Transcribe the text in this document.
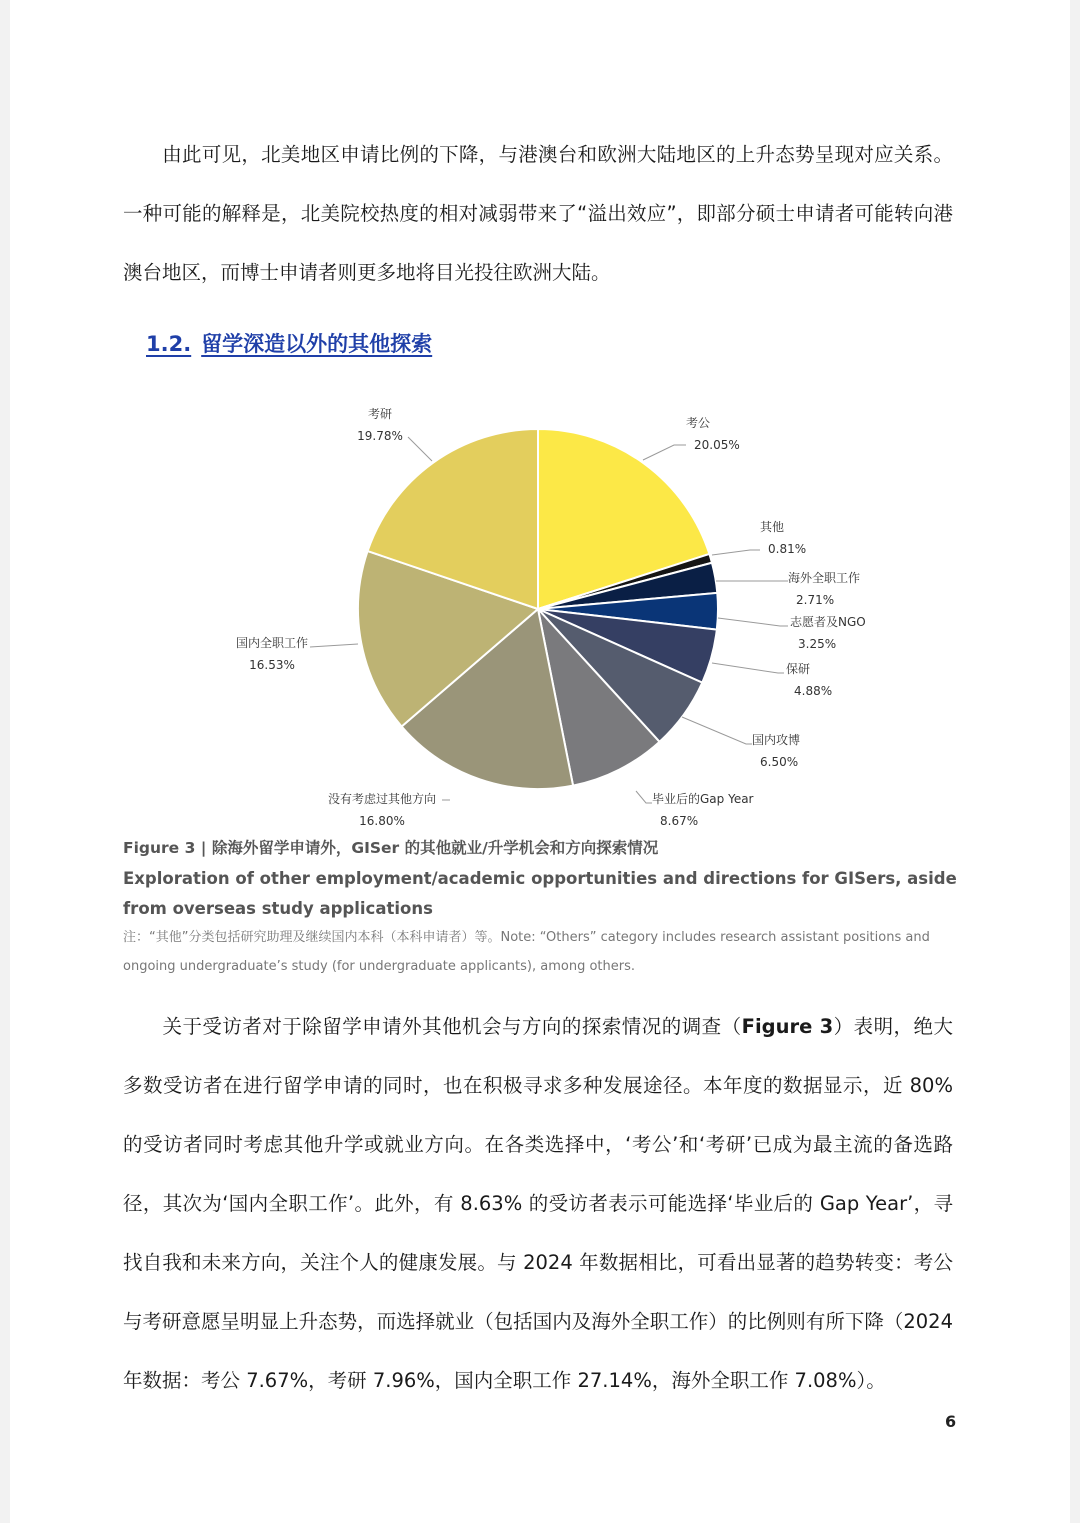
由此可见，北美地区申请比例的下降，与港澳台和欧洲大陆地区的上升态势呈现对应关系。一种可能的解释是，北美院校热度的相对减弱带来了“溢出效应”，即部分硕士申请者可能转向港澳台地区，而博士申请者则更多地将目光投往欧洲大陆。

1.2. 留学深造以外的其他探索
考公
20.05%
其他
0.81%
海外全职工作
2.71%
志愿者及NGO
3.25%
保研
4.88%
国内攻博
6.50%
毕业后的Gap Year
8.67%
没有考虑过其他方向
16.80%
国内全职工作
16.53%
考研
19.78%

Figure 3 | 除海外留学申请外，GISer 的其他就业/升学机会和方向探索情况

Exploration of other employment/academic opportunities and directions for GISers, aside from overseas study applications

注：“其他”分类包括研究助理及继续国内本科（本科申请者）等。Note: “Others” category includes research assistant positions and ongoing undergraduate’s study (for undergraduate applicants), among others.

关于受访者对于除留学申请外其他机会与方向的探索情况的调查（Figure 3）表明，绝大多数受访者在进行留学申请的同时，也在积极寻求多种发展途径。本年度的数据显示，近 80% 的受访者同时考虑其他升学或就业方向。在各类选择中，‘考公’和‘考研’已成为最主流的备选路径，其次为‘国内全职工作’。此外，有 8.63% 的受访者表示可能选择‘毕业后的 Gap Year’，寻找自我和未来方向，关注个人的健康发展。与 2024 年数据相比，可看出显著的趋势转变：考公与考研意愿呈明显上升态势，而选择就业（包括国内及海外全职工作）的比例则有所下降（2024 年数据：考公 7.67%，考研 7.96%，国内全职工作 27.14%，海外全职工作 7.08%）。

6
